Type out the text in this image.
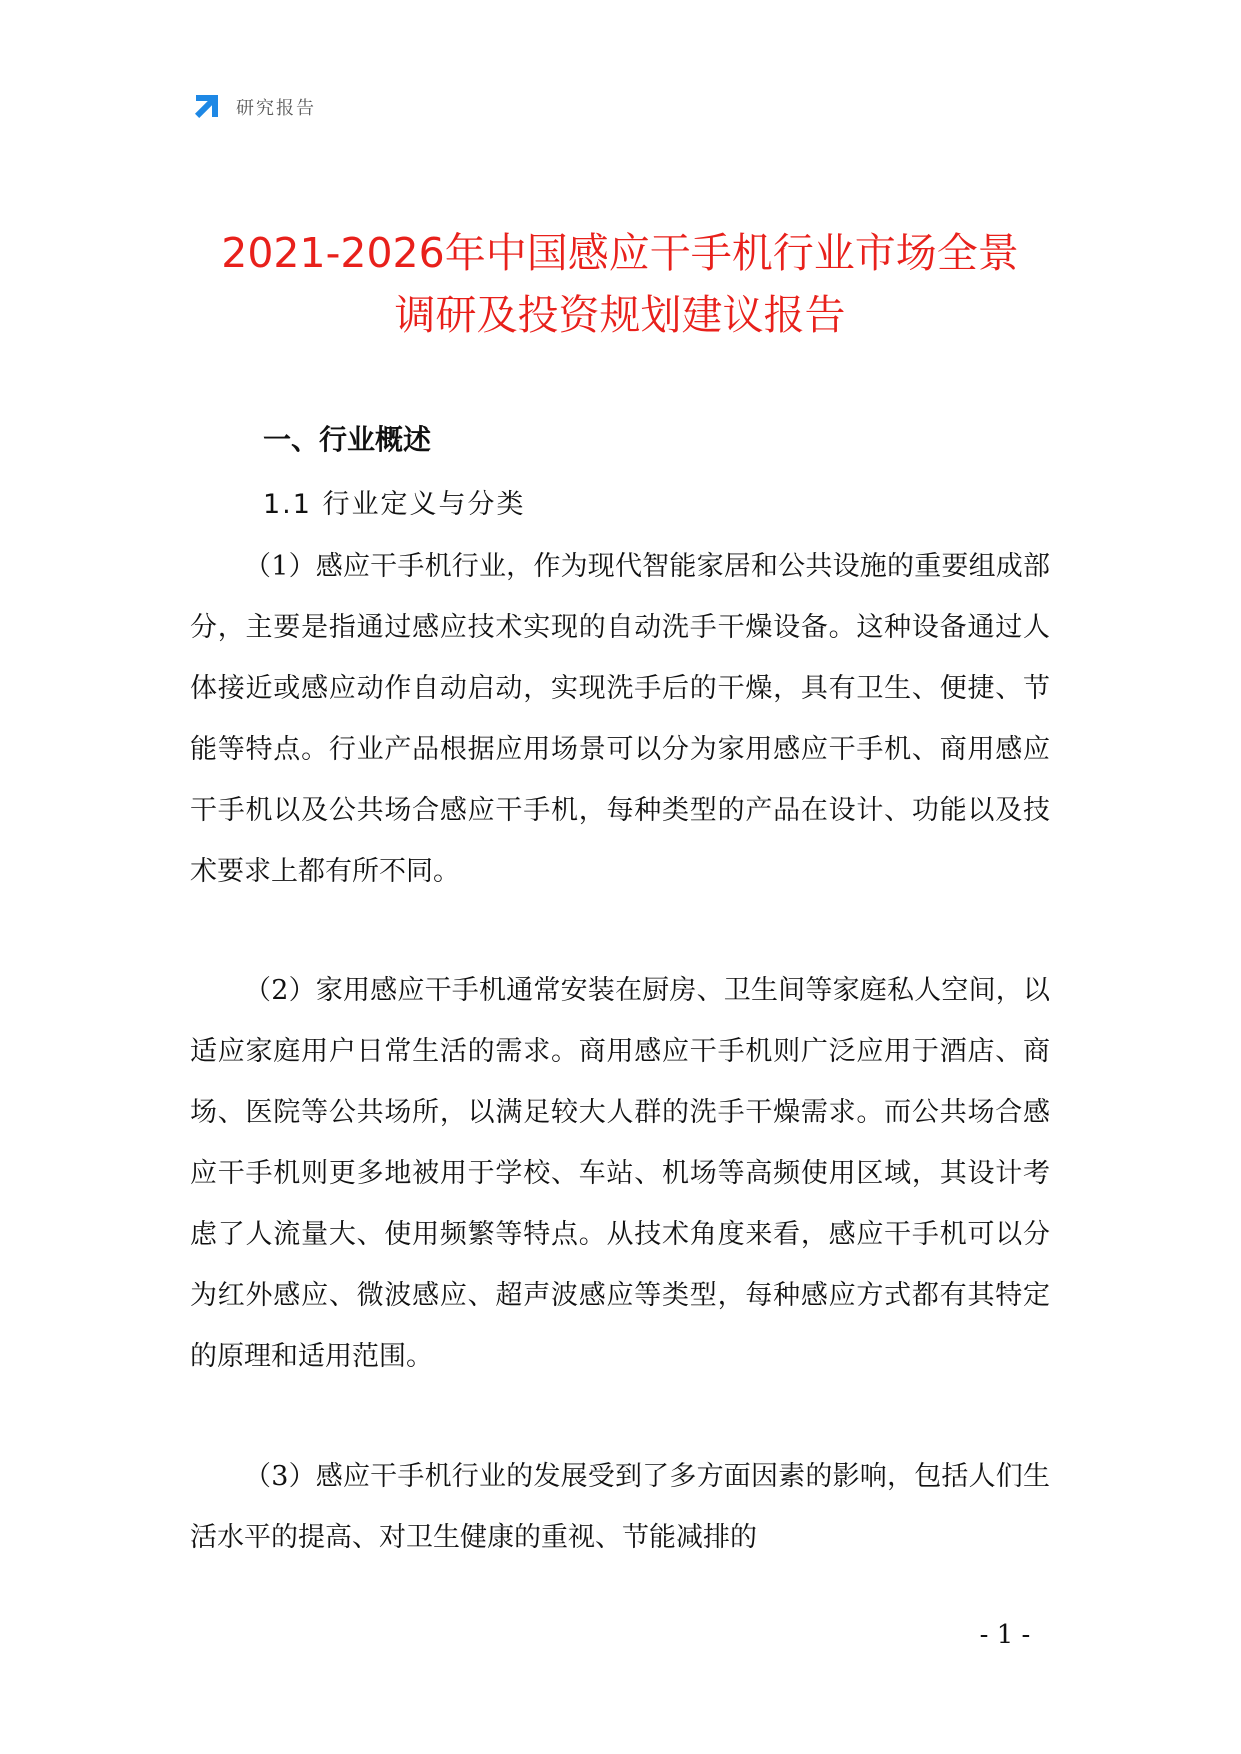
研究报告
2021-2026年中国感应干手机行业市场全景
调研及投资规划建议报告
一、行业概述
1.1 行业定义与分类

（1）感应干手机行业，作为现代智能家居和公共设施的重要组成部分，主要是指通过感应技术实现的自动洗手干燥设备。这种设备通过人体接近或感应动作自动启动，实现洗手后的干燥，具有卫生、便捷、节能等特点。行业产品根据应用场景可以分为家用感应干手机、商用感应干手机以及公共场合感应干手机，每种类型的产品在设计、功能以及技术要求上都有所不同。

（2）家用感应干手机通常安装在厨房、卫生间等家庭私人空间，以适应家庭用户日常生活的需求。商用感应干手机则广泛应用于酒店、商场、医院等公共场所，以满足较大人群的洗手干燥需求。而公共场合感应干手机则更多地被用于学校、车站、机场等高频使用区域，其设计考虑了人流量大、使用频繁等特点。从技术角度来看，感应干手机可以分为红外感应、微波感应、超声波感应等类型，每种感应方式都有其特定的原理和适用范围。

（3）感应干手机行业的发展受到了多方面因素的影响，包括人们生活水平的提高、对卫生健康的重视、节能减排的

- 1 -
